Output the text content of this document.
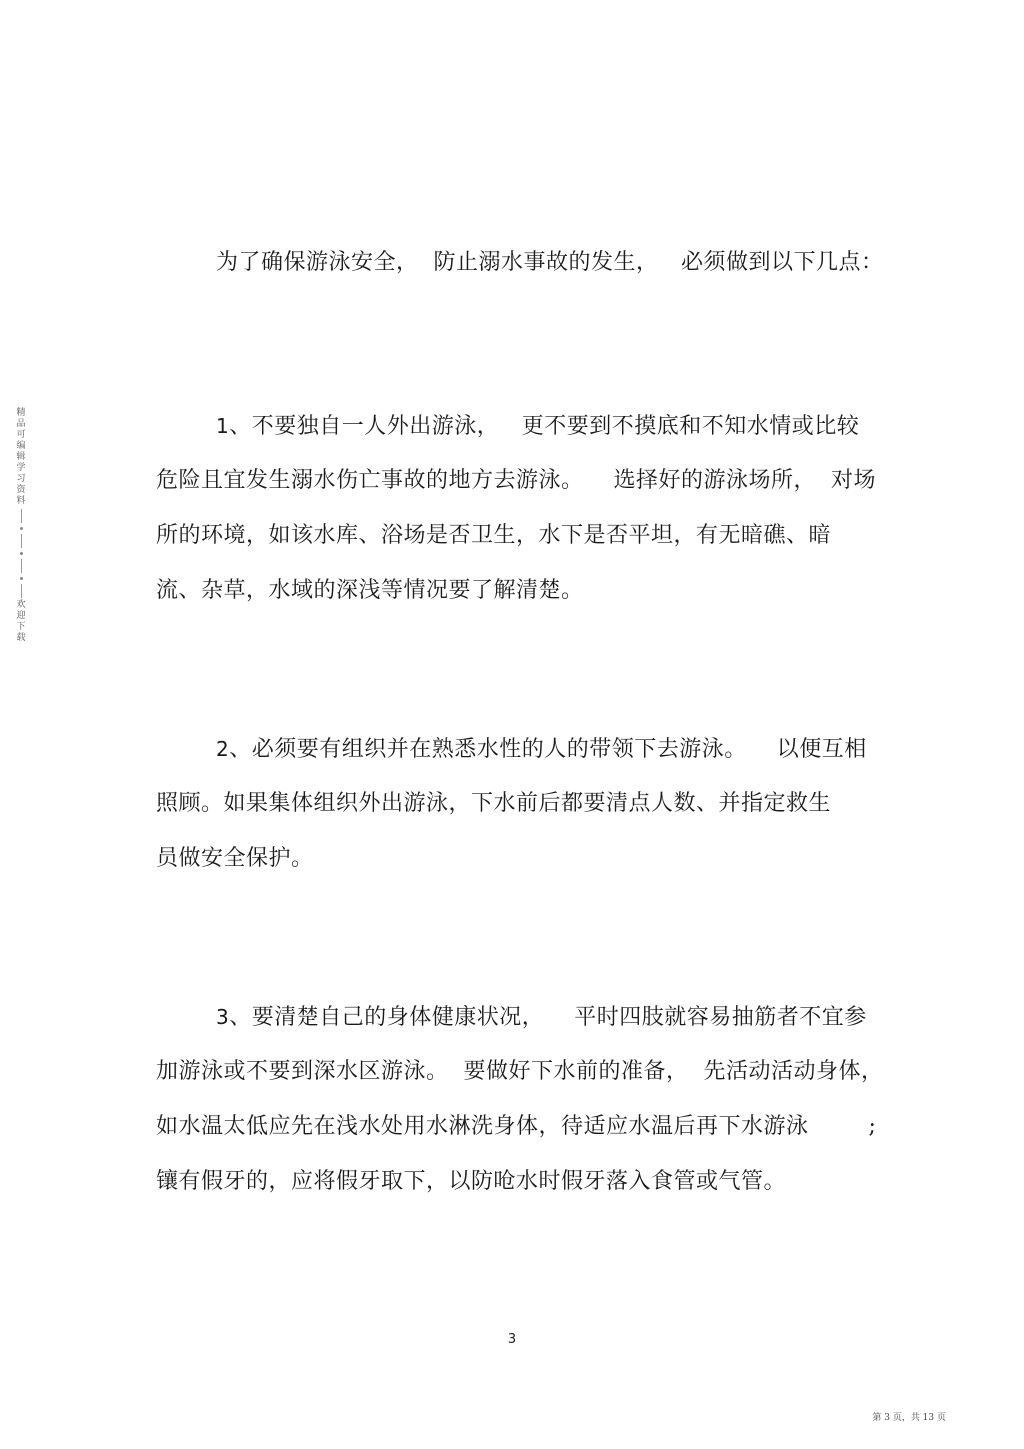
精品可编辑学习资料
欢迎下载
为了确保游泳安全，  防止溺水事故的发生，   必须做到以下几点：
1、不要独自一人外出游泳，   更不要到不摸底和不知水情或比较
危险且宜发生溺水伤亡事故的地方去游泳。    选择好的游泳场所，  对场
所的环境，如该水库、浴场是否卫生，水下是否平坦，有无暗礁、暗
流、杂草，水域的深浅等情况要了解清楚。
2、必须要有组织并在熟悉水性的人的带领下去游泳。    以便互相
照顾。如果集体组织外出游泳，下水前后都要清点人数、并指定救生
员做安全保护。
3、要清楚自己的身体健康状况，    平时四肢就容易抽筋者不宜参
加游泳或不要到深水区游泳。  要做好下水前的准备，  先活动活动身体，
如水温太低应先在浅水处用水淋洗身体，待适应水温后再下水游泳        ;
镶有假牙的，应将假牙取下，以防呛水时假牙落入食管或气管。
3
第 3 页，共 13 页
